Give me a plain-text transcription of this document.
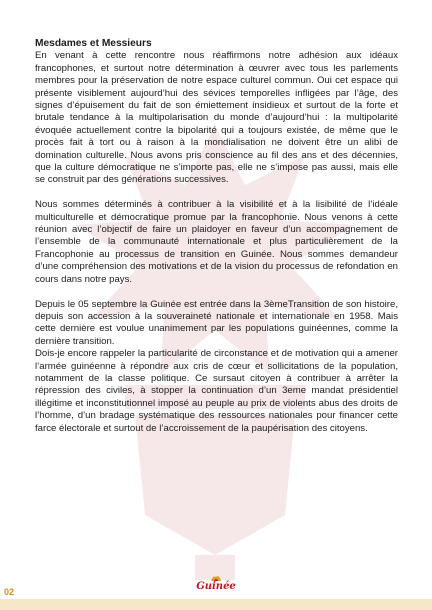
Mesdames et Messieurs

En venant à cette rencontre nous réaffirmons notre adhésion aux idéaux francophones, et surtout notre détermination à œuvrer avec tous les parlements membres pour la préservation de notre espace culturel commun. Oui cet espace qui présente visiblement aujourd’hui des sévices temporelles infligées par l’âge, des signes d’épuisement du fait de son émiettement insidieux et surtout de la forte et brutale tendance à la multipolarisation du monde d’aujourd’hui : la multipolarité évoquée actuellement contre la bipolarité qui a toujours existée, de même que le procès fait à tort ou à raison à la mondialisation ne doivent être un alibi de domination culturelle. Nous avons pris conscience au fil des ans et des décennies, que la culture démocratique ne s’importe pas, elle ne s’impose pas aussi, mais elle se construit par des générations successives.

Nous sommes déterminés à contribuer à la visibilité et à la lisibilité de l’idéale multiculturelle et démocratique promue par la francophonie. Nous venons à cette réunion avec l’objectif de faire un plaidoyer en faveur d’un accompagnement de l’ensemble de la communauté internationale et plus particulièrement de la Francophonie au processus de transition en Guinée. Nous sommes demandeur d’une compréhension des motivations et de la vision du processus de refondation en cours dans notre pays.

Depuis le 05 septembre la Guinée est entrée dans la 3èmeTransition de son histoire, depuis son accession à la souveraineté nationale et internationale en 1958. Mais cette dernière est voulue unanimement par les populations guinéennes, comme la dernière transition.

Dois-je encore rappeler la particularité de circonstance et de motivation qui a amener l’armée guinéenne à répondre aux cris de cœur et sollicitations de la population, notamment de la classe politique. Ce sursaut citoyen à contribuer à arrêter la répression des civiles, à stopper la continuation d’un 3eme mandat présidentiel illégitime et inconstitutionnel imposé au peuple au prix de violents abus des droits de l’homme, d’un bradage systématique des ressources nationales pour financer cette farce électorale et surtout de l’accroissement de la paupérisation des citoyens.

Guinée
02
